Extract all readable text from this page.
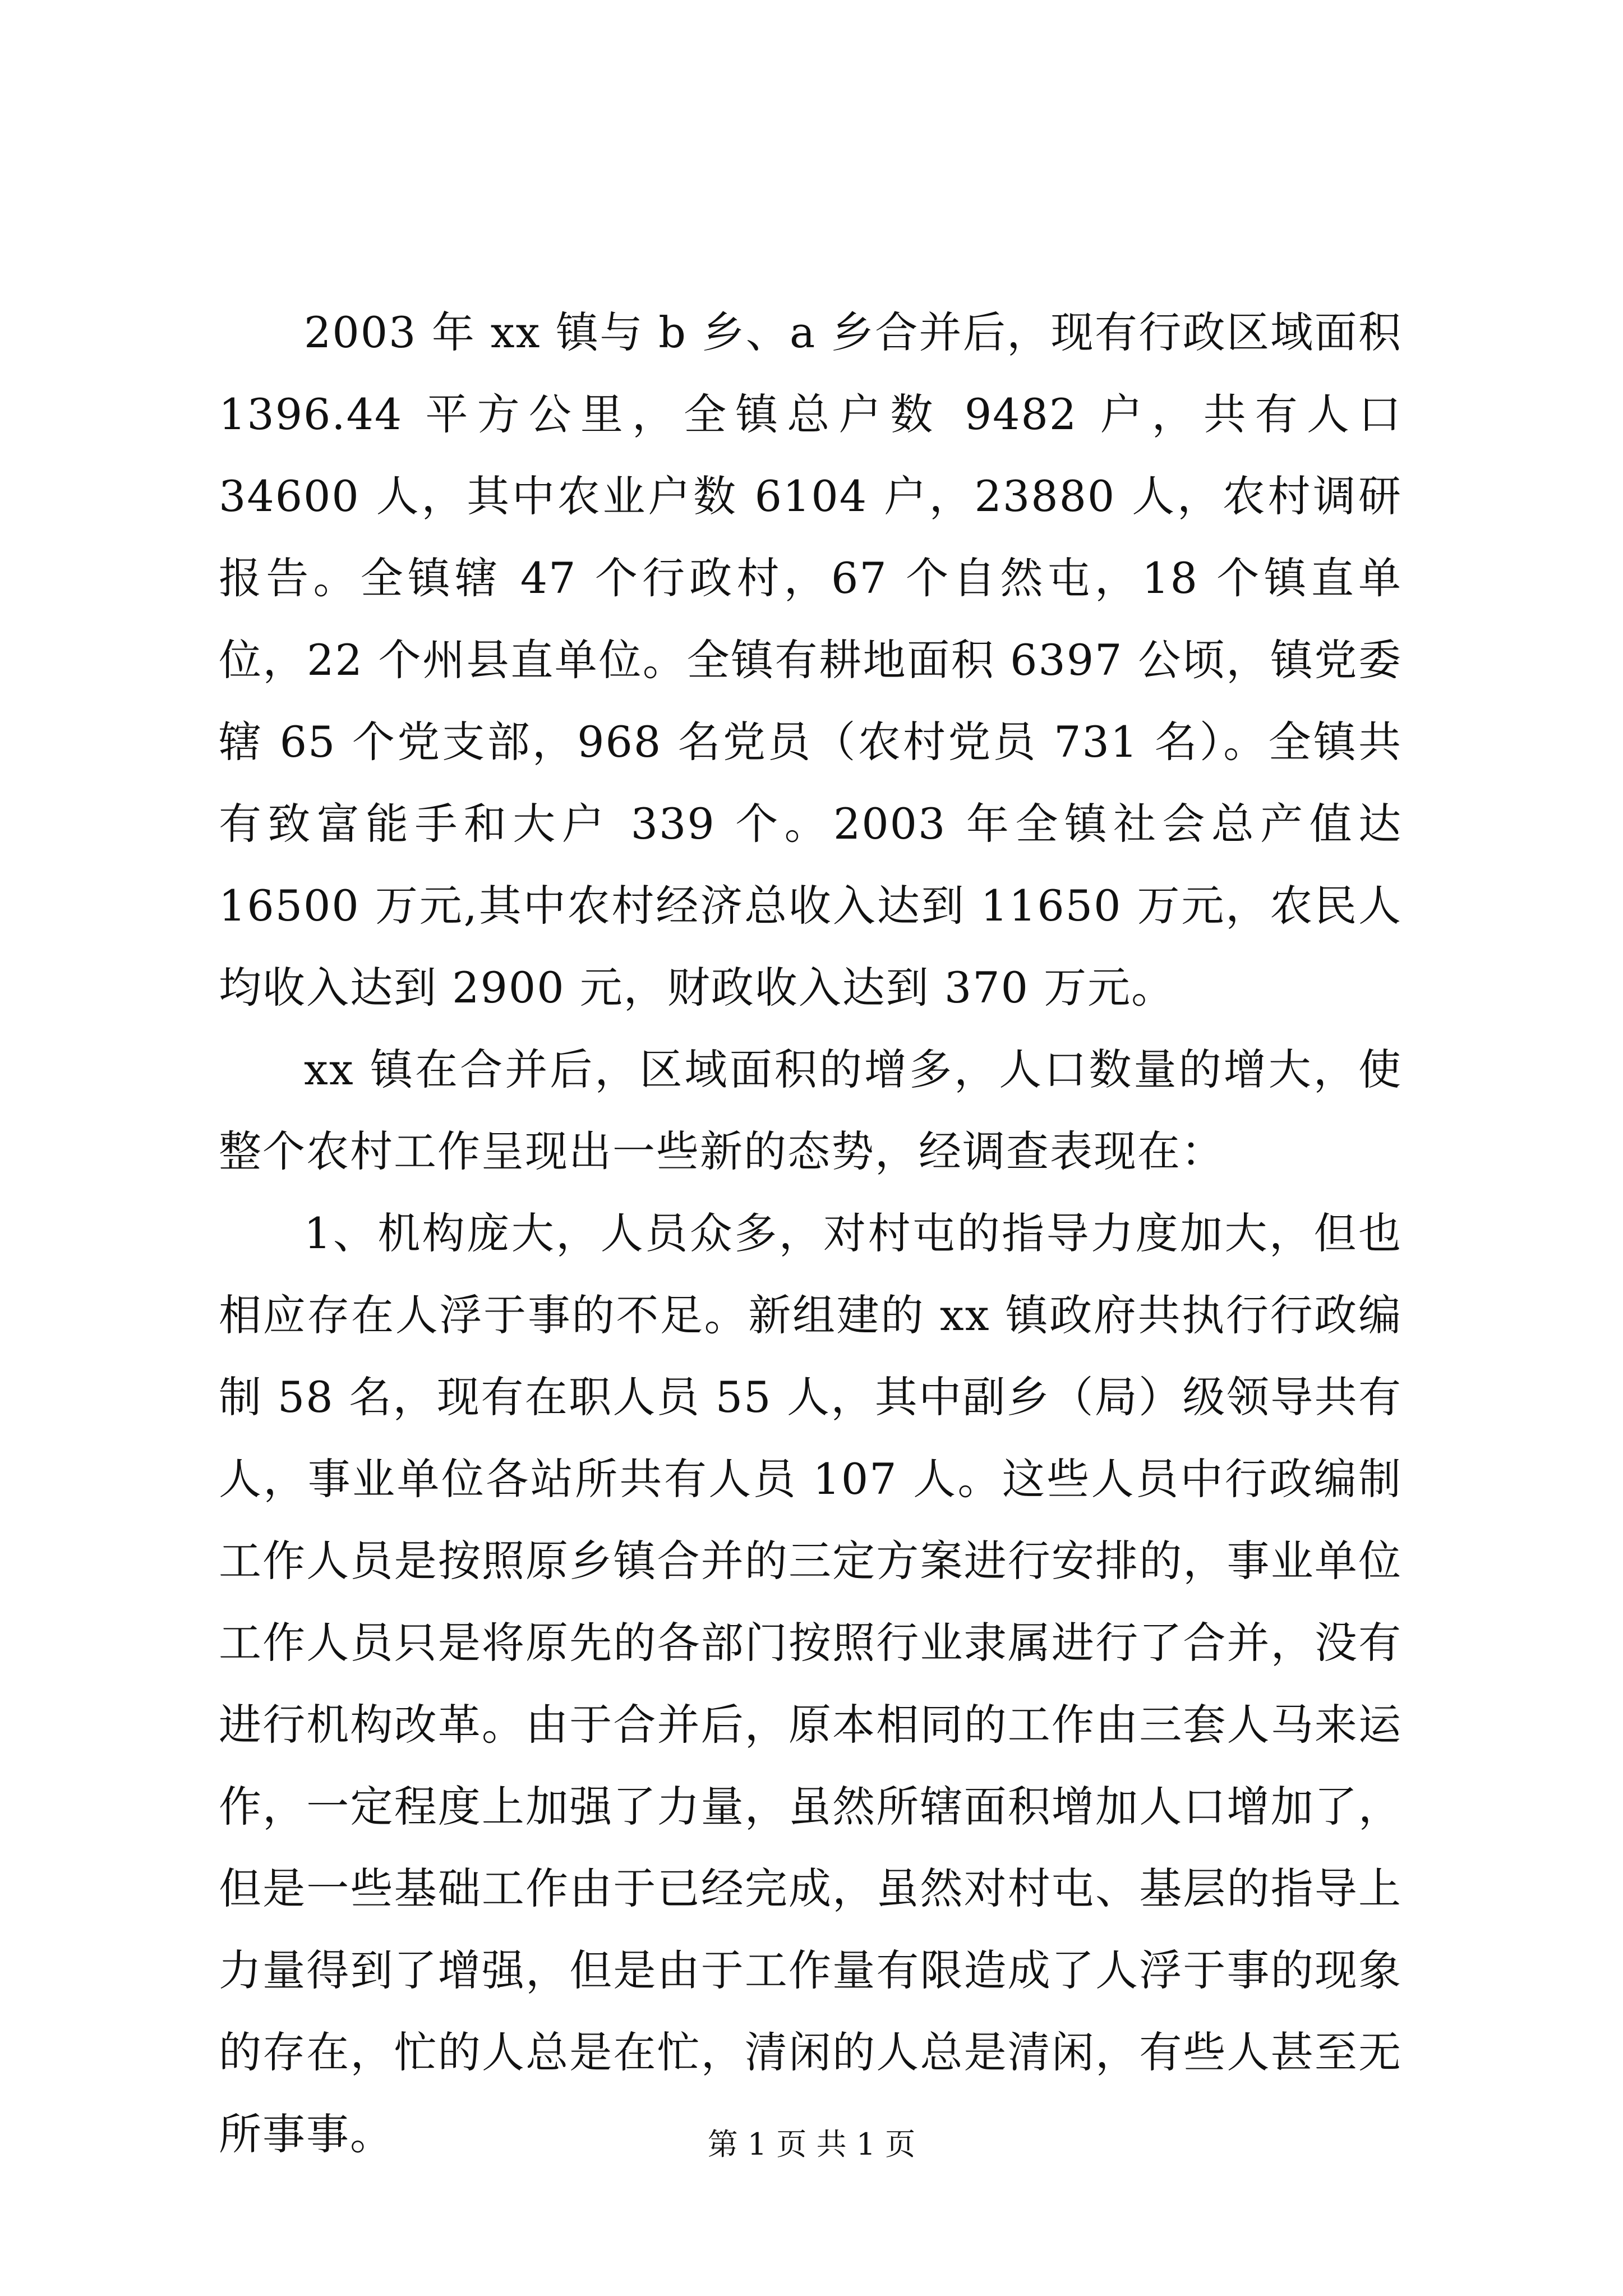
2003 年 xx 镇与 b 乡、a 乡合并后，现有行政区域面积 1396.44 平方公里，全镇总户数 9482 户，共有人口 34600 人，其中农业户数 6104 户，23880 人，农村调研报告。全镇辖 47 个行政村，67 个自然屯，18 个镇直单位，22 个州县直单位。全镇有耕地面积 6397 公顷，镇党委辖 65 个党支部，968 名党员（农村党员 731 名）。全镇共有致富能手和大户 339 个。2003 年全镇社会总产值达 16500 万元,其中农村经济总收入达到 11650 万元，农民人均收入达到 2900 元，财政收入达到 370 万元。

xx 镇在合并后，区域面积的增多，人口数量的增大，使整个农村工作呈现出一些新的态势，经调查表现在：

1、机构庞大，人员众多，对村屯的指导力度加大，但也相应存在人浮于事的不足。新组建的 xx 镇政府共执行行政编制 58 名，现有在职人员 55 人，其中副乡（局）级领导共有人，事业单位各站所共有人员 107 人。这些人员中行政编制工作人员是按照原乡镇合并的三定方案进行安排的，事业单位工作人员只是将原先的各部门按照行业隶属进行了合并，没有进行机构改革。由于合并后，原本相同的工作由三套人马来运作，一定程度上加强了力量，虽然所辖面积增加人口增加了，但是一些基础工作由于已经完成，虽然对村屯、基层的指导上力量得到了增强，但是由于工作量有限造成了人浮于事的现象的存在，忙的人总是在忙，清闲的人总是清闲，有些人甚至无所事事。	第 1 页 共 1 页
